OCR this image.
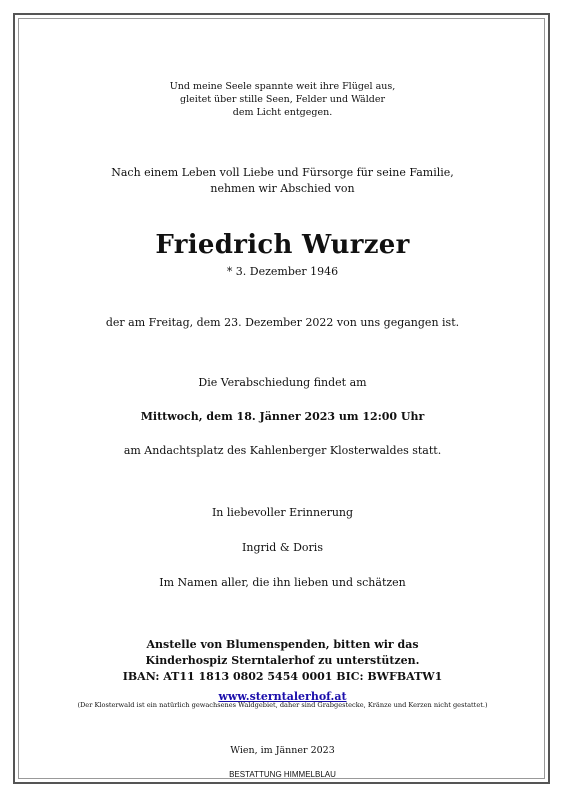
Und meine Seele spannte weit ihre Flügel aus,
gleitet über stille Seen, Felder und Wälder
dem Licht entgegen.
Nach einem Leben voll Liebe und Fürsorge für seine Familie,
nehmen wir Abschied von
Friedrich Wurzer
* 3. Dezember 1946
der am Freitag, dem 23. Dezember 2022 von uns gegangen ist.
Die Verabschiedung findet am
Mittwoch, dem 18. Jänner 2023 um 12:00 Uhr
am Andachtsplatz des Kahlenberger Klosterwaldes statt.
In liebevoller Erinnerung
Ingrid & Doris
Im Namen aller, die ihn lieben und schätzen
Anstelle von Blumenspenden, bitten wir das
Kinderhospiz Sterntalerhof zu unterstützen.
IBAN: AT11 1813 0802 5454 0001 BIC: BWFBATW1
www.sterntalerhof.at
(Der Klosterwald ist ein natürlich gewachsenes Waldgebiet, daher sind Grabgestecke, Kränze und Kerzen nicht gestattet.)
Wien, im Jänner 2023
BESTATTUNG HIMMELBLAU
